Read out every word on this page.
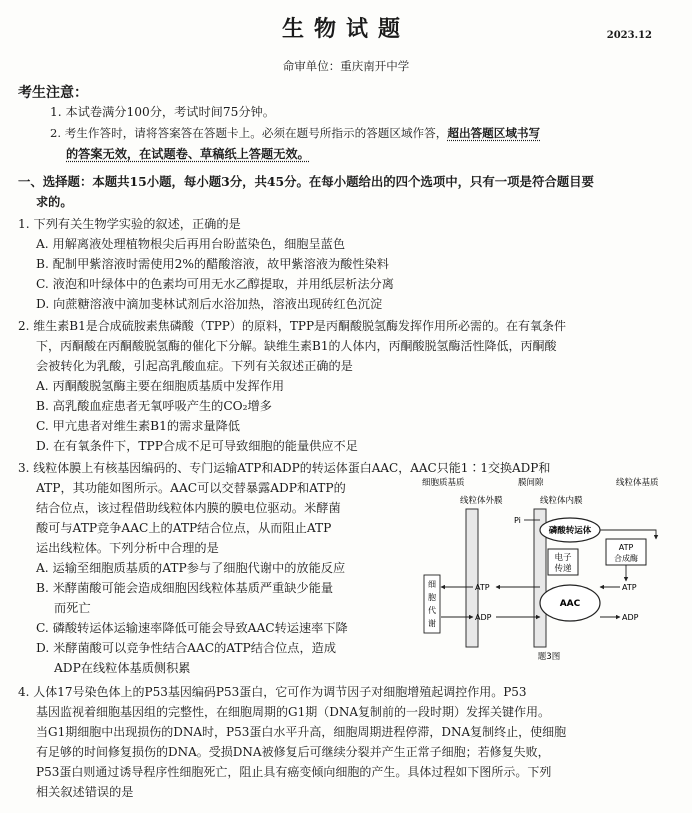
生物试题	2023.12
命审单位：重庆南开中学
考生注意：
1. 本试卷满分100分，考试时间75分钟。
2. 考生作答时，请将答案答在答题卡上。必须在题号所指示的答题区域作答，超出答题区域书写
的答案无效，在试题卷、草稿纸上答题无效。
一、选择题：本题共15小题，每小题3分，共45分。在每小题给出的四个选项中，只有一项是符合题目要
求的。
1. 下列有关生物学实验的叙述，正确的是
A. 用解离液处理植物根尖后再用台盼蓝染色，细胞呈蓝色
B. 配制甲紫溶液时需使用2%的醋酸溶液，故甲紫溶液为酸性染料
C. 液泡和叶绿体中的色素均可用无水乙醇提取，并用纸层析法分离
D. 向蔗糖溶液中滴加斐林试剂后水浴加热，溶液出现砖红色沉淀
2. 维生素B1是合成硫胺素焦磷酸（TPP）的原料，TPP是丙酮酸脱氢酶发挥作用所必需的。在有氧条件
下，丙酮酸在丙酮酸脱氢酶的催化下分解。缺维生素B1的人体内，丙酮酸脱氢酶活性降低，丙酮酸
会被转化为乳酸，引起高乳酸血症。下列有关叙述正确的是
A. 丙酮酸脱氢酶主要在细胞质基质中发挥作用
B. 高乳酸血症患者无氧呼吸产生的CO₂增多
C. 甲亢患者对维生素B1的需求量降低
D. 在有氧条件下，TPP合成不足可导致细胞的能量供应不足
3. 线粒体膜上有核基因编码的、专门运输ATP和ADP的转运体蛋白AAC，AAC只能1∶1交换ADP和
ATP，其功能如图所示。AAC可以交替暴露ADP和ATP的
结合位点，该过程借助线粒体内膜的膜电位驱动。米酵菌
酸可与ATP竞争AAC上的ATP结合位点，从而阻止ATP
运出线粒体。下列分析中合理的是
A. 运输至细胞质基质的ATP参与了细胞代谢中的放能反应
B. 米酵菌酸可能会造成细胞因线粒体基质严重缺少能量
而死亡
C. 磷酸转运体运输速率降低可能会导致AAC转运速率下降
D. 米酵菌酸可以竞争性结合AAC的ATP结合位点，造成
ADP在线粒体基质侧积累
细胞质基质	膜间隙	线粒体基质
线粒体外膜	线粒体内膜
Pi
磷酸转运体
电子
传递
ATP
合成酶
AAC
ATP
ATP
ADP	ADP
细
胞
代
谢
题3图
4. 人体17号染色体上的P53基因编码P53蛋白，它可作为调节因子对细胞增殖起调控作用。P53
基因监视着细胞基因组的完整性，在细胞周期的G1期（DNA复制前的一段时期）发挥关键作用。
当G1期细胞中出现损伤的DNA时，P53蛋白水平升高，细胞周期进程停滞，DNA复制终止，使细胞
有足够的时间修复损伤的DNA。受损DNA被修复后可继续分裂并产生正常子细胞；若修复失败，
P53蛋白则通过诱导程序性细胞死亡，阻止具有癌变倾向细胞的产生。具体过程如下图所示。下列
相关叙述错误的是
